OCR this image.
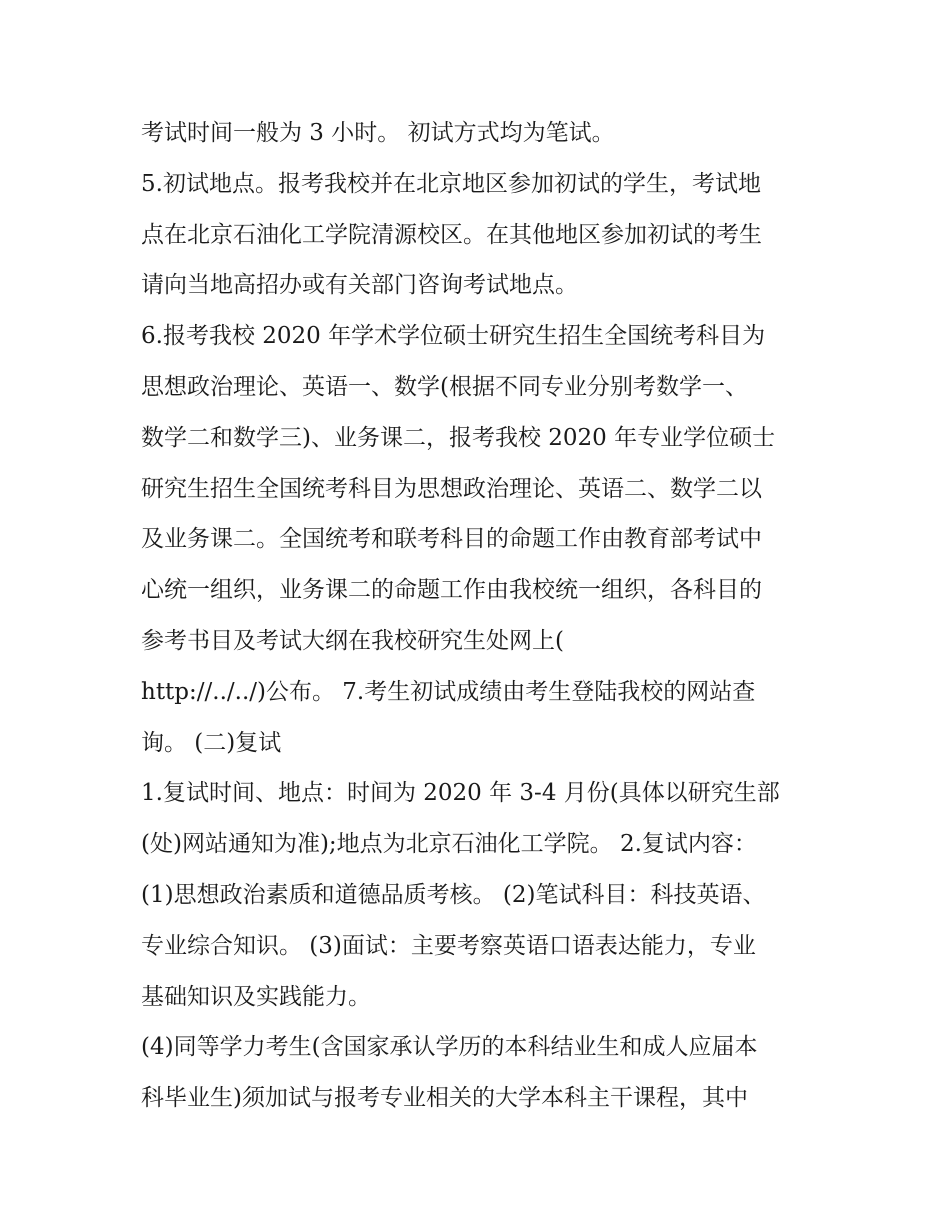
考试时间一般为 3 小时。 初试方式均为笔试。

5.初试地点。报考我校并在北京地区参加初试的学生，考试地

点在北京石油化工学院清源校区。在其他地区参加初试的考生

请向当地高招办或有关部门咨询考试地点。

6.报考我校 2020 年学术学位硕士研究生招生全国统考科目为

思想政治理论、英语一、数学(根据不同专业分别考数学一、

数学二和数学三)、业务课二，报考我校 2020 年专业学位硕士

研究生招生全国统考科目为思想政治理论、英语二、数学二以

及业务课二。全国统考和联考科目的命题工作由教育部考试中

心统一组织，业务课二的命题工作由我校统一组织，各科目的

参考书目及考试大纲在我校研究生处网上(

http://../../)公布。 7.考生初试成绩由考生登陆我校的网站查

询。 (二)复试

1.复试时间、地点：时间为 2020 年 3-4 月份(具体以研究生部

(处)网站通知为准);地点为北京石油化工学院。 2.复试内容：

(1)思想政治素质和道德品质考核。 (2)笔试科目：科技英语、

专业综合知识。 (3)面试：主要考察英语口语表达能力，专业

基础知识及实践能力。

(4)同等学力考生(含国家承认学历的本科结业生和成人应届本

科毕业生)须加试与报考专业相关的大学本科主干课程，其中
